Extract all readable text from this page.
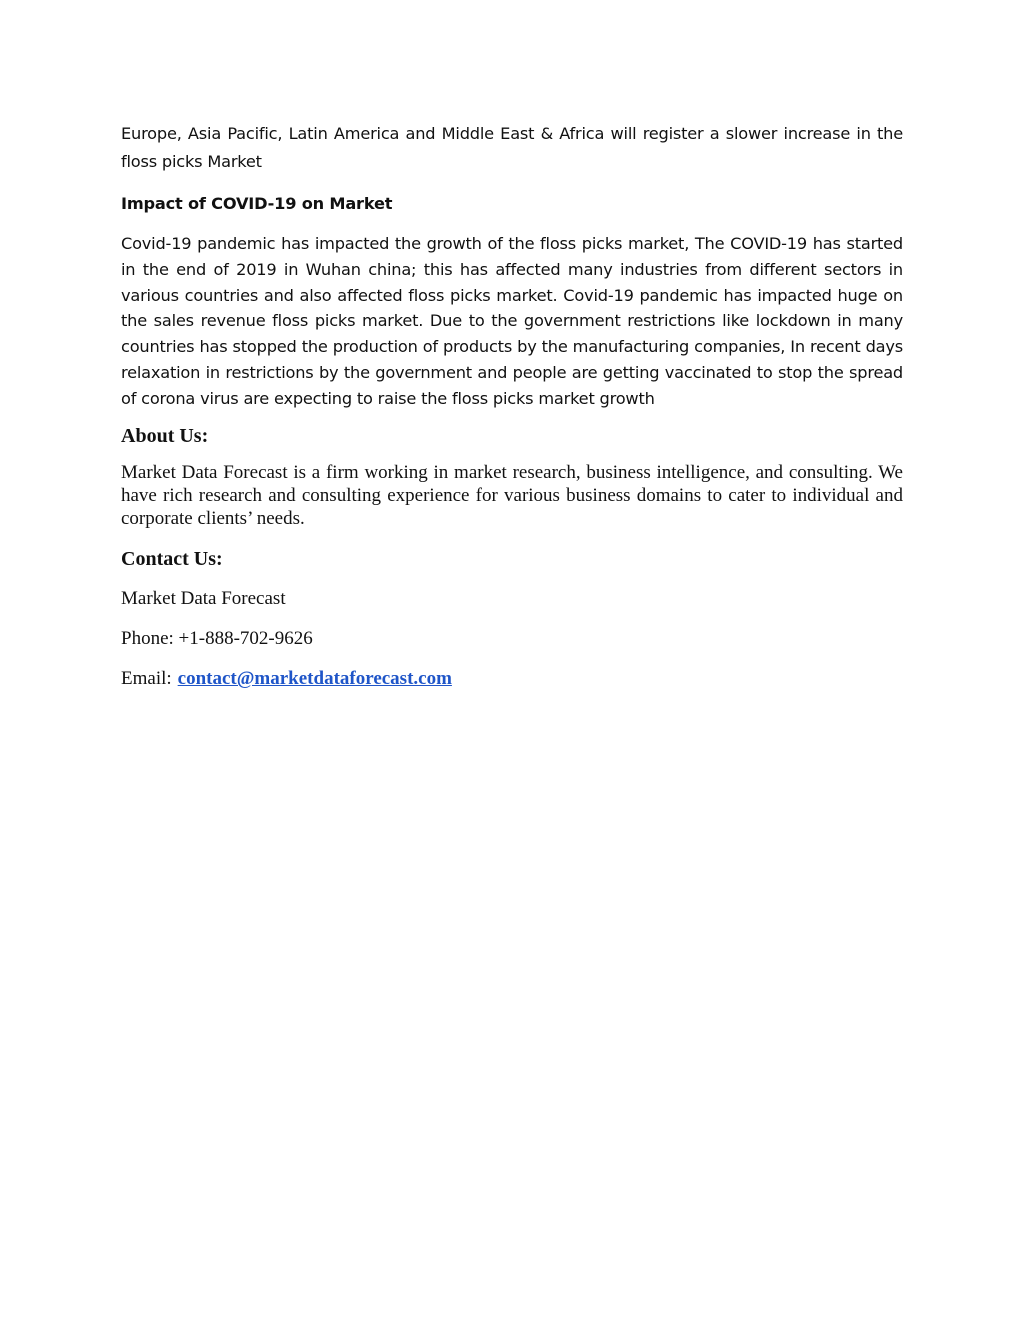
Europe, Asia Pacific, Latin America and Middle East & Africa will register a slower increase in the floss picks Market

Impact of COVID-19 on Market

Covid-19 pandemic has impacted the growth of the floss picks market, The COVID-19 has started in the end of 2019 in Wuhan china; this has affected many industries from different sectors in various countries and also affected floss picks market. Covid-19 pandemic has impacted huge on the sales revenue floss picks market. Due to the government restrictions like lockdown in many countries has stopped the production of products by the manufacturing companies, In recent days relaxation in restrictions by the government and people are getting vaccinated to stop the spread of corona virus are expecting to raise the floss picks market growth

About Us:

Market Data Forecast is a firm working in market research, business intelligence, and consulting. We have rich research and consulting experience for various business domains to cater to individual and corporate clients’ needs.

Contact Us:

Market Data Forecast

Phone: +1-888-702-9626

Email: contact@marketdataforecast.com
